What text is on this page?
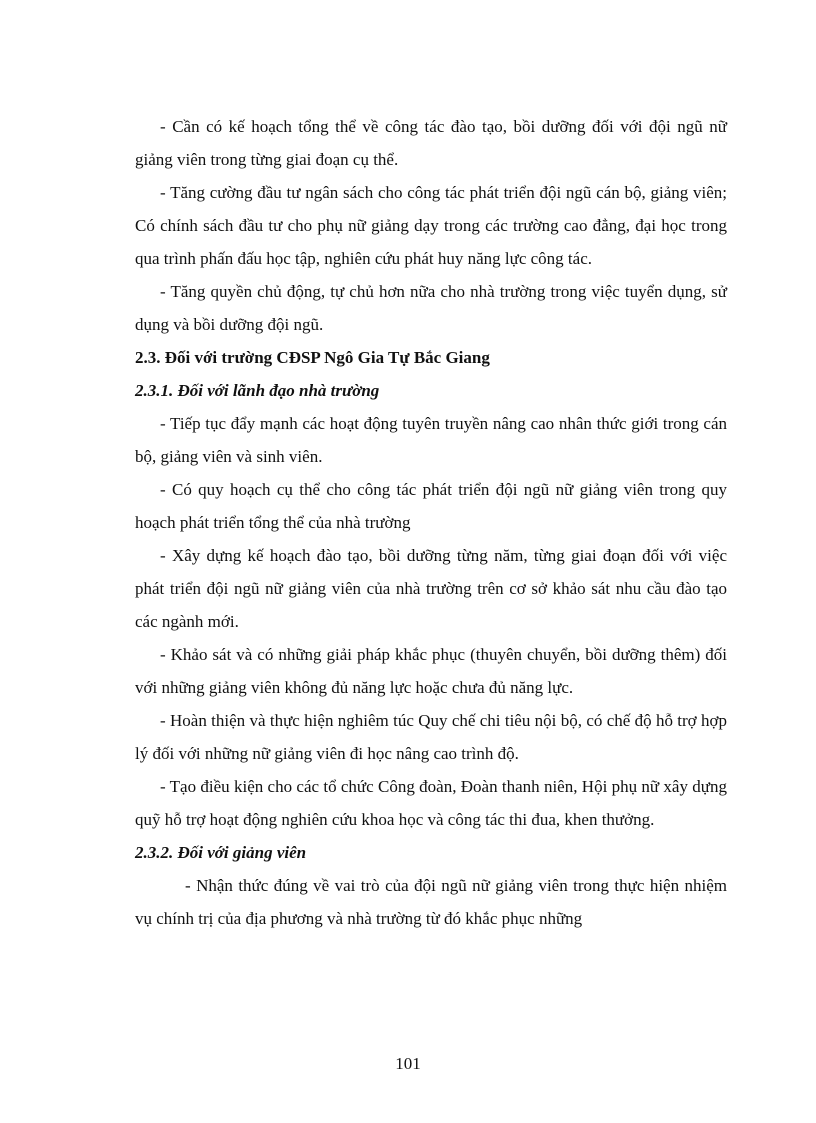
- Cần có kế hoạch tổng thể về công tác đào tạo, bồi dưỡng đối với đội ngũ nữ giảng viên trong từng giai đoạn cụ thể.

- Tăng cường đầu tư ngân sách cho công tác phát triển đội ngũ cán bộ, giảng viên; Có chính sách đầu tư cho phụ nữ giảng dạy trong các trường cao đẳng, đại học trong qua trình phấn đấu học tập, nghiên cứu phát huy năng lực công tác.

- Tăng quyền chủ động, tự chủ hơn nữa cho nhà trường trong việc tuyển dụng, sử dụng và bồi dưỡng đội ngũ.

2.3. Đối với trường CĐSP Ngô Gia Tự Bắc Giang

2.3.1. Đối với lãnh đạo nhà trường

- Tiếp tục đẩy mạnh các hoạt động tuyên truyền nâng cao nhân thức giới trong cán bộ, giảng viên và sinh viên.

- Có quy hoạch cụ thể cho công tác phát triển đội ngũ nữ giảng viên trong quy hoạch phát triển tổng thể của nhà trường

- Xây dựng kế hoạch đào tạo, bồi dưỡng từng năm, từng giai đoạn đối với việc phát triển đội ngũ nữ giảng viên của nhà trường trên cơ sở khảo sát nhu cầu đào tạo các ngành mới.

- Khảo sát và có những giải pháp khắc phục (thuyên chuyển, bồi dưỡng thêm) đối với những giảng viên không đủ năng lực hoặc chưa đủ năng lực.

- Hoàn thiện và thực hiện nghiêm túc Quy chế chi tiêu nội bộ, có chế độ hỗ trợ hợp lý đối với những nữ giảng viên đi học nâng cao trình độ.

- Tạo điều kiện cho các tổ chức Công đoàn, Đoàn thanh niên, Hội phụ nữ xây dựng quỹ hỗ trợ hoạt động nghiên cứu khoa học và công tác thi đua, khen thưởng.

2.3.2. Đối với giảng viên

- Nhận thức đúng về vai trò của đội ngũ nữ giảng viên trong thực hiện nhiệm vụ chính trị của địa phương và nhà trường từ đó khắc phục những

101
